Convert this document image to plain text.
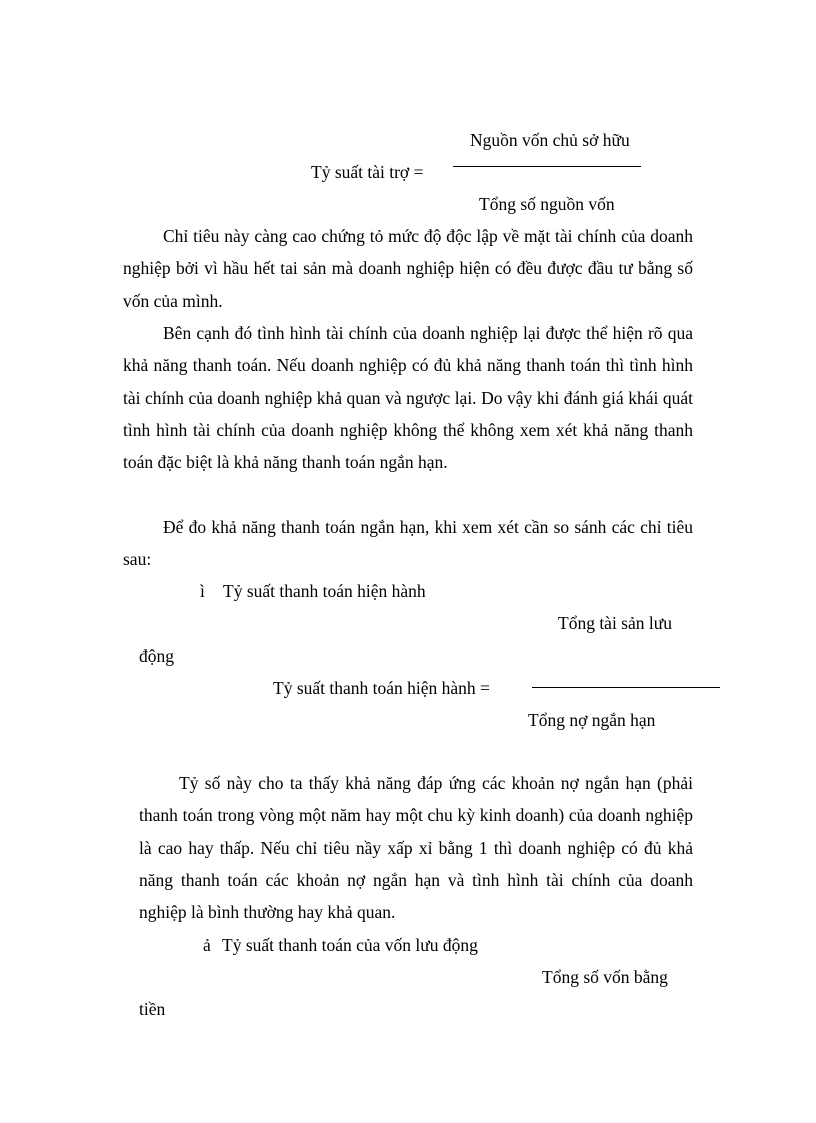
Nguồn vốn chủ sở hữu
Tỷ suất tài trợ =
Tổng số nguồn vốn
Chỉ tiêu này càng cao chứng tỏ mức độ độc lập về mặt tài chính của doanh nghiệp bởi vì hầu hết tai sản mà doanh nghiệp hiện có đều được đầu tư bằng số vốn của mình.
Bên cạnh đó tình hình tài chính của doanh nghiệp lại được thể hiện rõ qua khả năng thanh toán. Nếu doanh nghiệp có đủ khả năng thanh toán thì tình hình tài chính của doanh nghiệp khả quan và ngược lại. Do vậy khi đánh giá khái quát tình hình tài chính của doanh nghiệp không thể không xem xét khả năng thanh toán đặc biệt là khả năng thanh toán ngắn hạn.
Để đo khả năng thanh toán ngắn hạn, khi xem xét cần so sánh các chỉ tiêu sau:
ì Tỷ suất thanh toán hiện hành
Tổng tài sản lưu
động
Tỷ suất thanh toán hiện hành =
Tổng nợ ngắn hạn
Tỷ số này cho ta thấy khả năng đáp ứng các khoản nợ ngắn hạn (phải thanh toán trong vòng một năm hay một chu kỳ kinh doanh) của doanh nghiệp là cao hay thấp. Nếu chỉ tiêu nầy xấp xỉ bằng 1 thì doanh nghiệp có đủ khả năng thanh toán các khoản nợ ngắn hạn và tình hình tài chính của doanh nghiệp là bình thường hay khả quan.
ả Tỷ suất thanh toán của vốn lưu động
Tổng số vốn bằng
tiền
